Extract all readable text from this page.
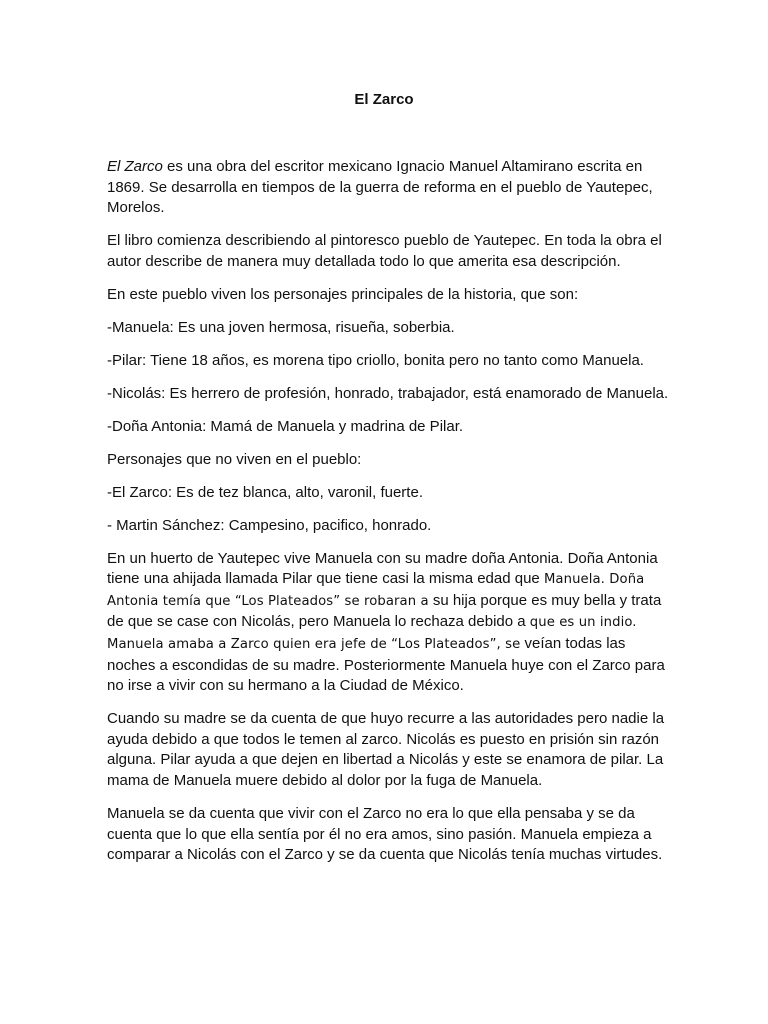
El Zarco

El Zarco es una obra del escritor mexicano Ignacio Manuel Altamirano escrita en 1869. Se desarrolla en tiempos de la guerra de reforma en el pueblo de Yautepec, Morelos.

El libro comienza describiendo al pintoresco pueblo de Yautepec. En toda la obra el autor describe de manera muy detallada todo lo que amerita esa descripción.

En este pueblo viven los personajes principales de la historia, que son:

-Manuela: Es una joven hermosa, risueña, soberbia.

-Pilar: Tiene 18 años, es morena tipo criollo, bonita pero no tanto como Manuela.

-Nicolás: Es herrero de profesión, honrado, trabajador, está enamorado de Manuela.

-Doña Antonia: Mamá de Manuela y madrina de Pilar.

Personajes que no viven en el pueblo:

-El Zarco: Es de tez blanca, alto, varonil, fuerte.

- Martin Sánchez: Campesino, pacifico, honrado.

En un huerto de Yautepec vive Manuela con su madre doña Antonia. Doña Antonia tiene una ahijada llamada Pilar que tiene casi la misma edad que Manuela. Doña Antonia temía que “Los Plateados” se robaran a su hija porque es muy bella y trata de que se case con Nicolás, pero Manuela lo rechaza debido a que es un indio. Manuela amaba a Zarco quien era jefe de “Los Plateados”, se veían todas las noches a escondidas de su madre. Posteriormente Manuela huye con el Zarco para no irse a vivir con su hermano a la Ciudad de México.

Cuando su madre se da cuenta de que huyo recurre a las autoridades pero nadie la ayuda debido a que todos le temen al zarco. Nicolás es puesto en prisión sin razón alguna. Pilar ayuda a que dejen en libertad a Nicolás y este se enamora de pilar. La mama de Manuela muere debido al dolor por la fuga de Manuela.

Manuela se da cuenta que vivir con el Zarco no era lo que ella pensaba y se da cuenta que lo que ella sentía por él no era amos, sino pasión. Manuela empieza a comparar a Nicolás con el Zarco y se da cuenta que Nicolás tenía muchas virtudes.
